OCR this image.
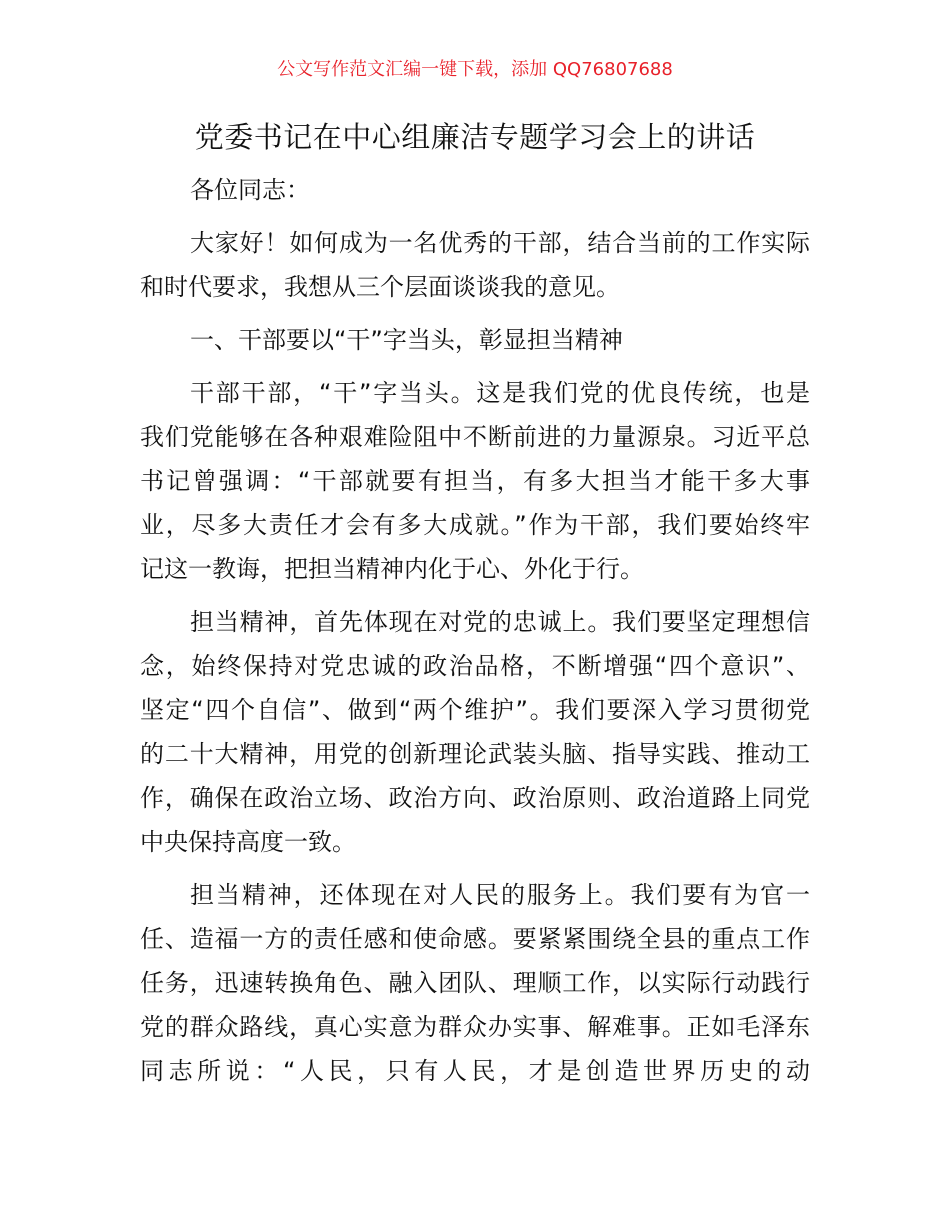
公文写作范文汇编一键下载，添加 QQ76807688
党委书记在中心组廉洁专题学习会上的讲话
各位同志：
大家好！如何成为一名优秀的干部，结合当前的工作实际
和时代要求，我想从三个层面谈谈我的意见。
一、干部要以“干”字当头，彰显担当精神
干部干部，“干”字当头。这是我们党的优良传统，也是
我们党能够在各种艰难险阻中不断前进的力量源泉。习近平总
书记曾强调：“干部就要有担当，有多大担当才能干多大事
业，尽多大责任才会有多大成就。”作为干部，我们要始终牢
记这一教诲，把担当精神内化于心、外化于行。
担当精神，首先体现在对党的忠诚上。我们要坚定理想信
念，始终保持对党忠诚的政治品格，不断增强“四个意识”、
坚定“四个自信”、做到“两个维护”。我们要深入学习贯彻党
的二十大精神，用党的创新理论武装头脑、指导实践、推动工
作，确保在政治立场、政治方向、政治原则、政治道路上同党
中央保持高度一致。
担当精神，还体现在对人民的服务上。我们要有为官一
任、造福一方的责任感和使命感。要紧紧围绕全县的重点工作
任务，迅速转换角色、融入团队、理顺工作，以实际行动践行
党的群众路线，真心实意为群众办实事、解难事。正如毛泽东
同志所说：“人民，只有人民，才是创造世界历史的动
